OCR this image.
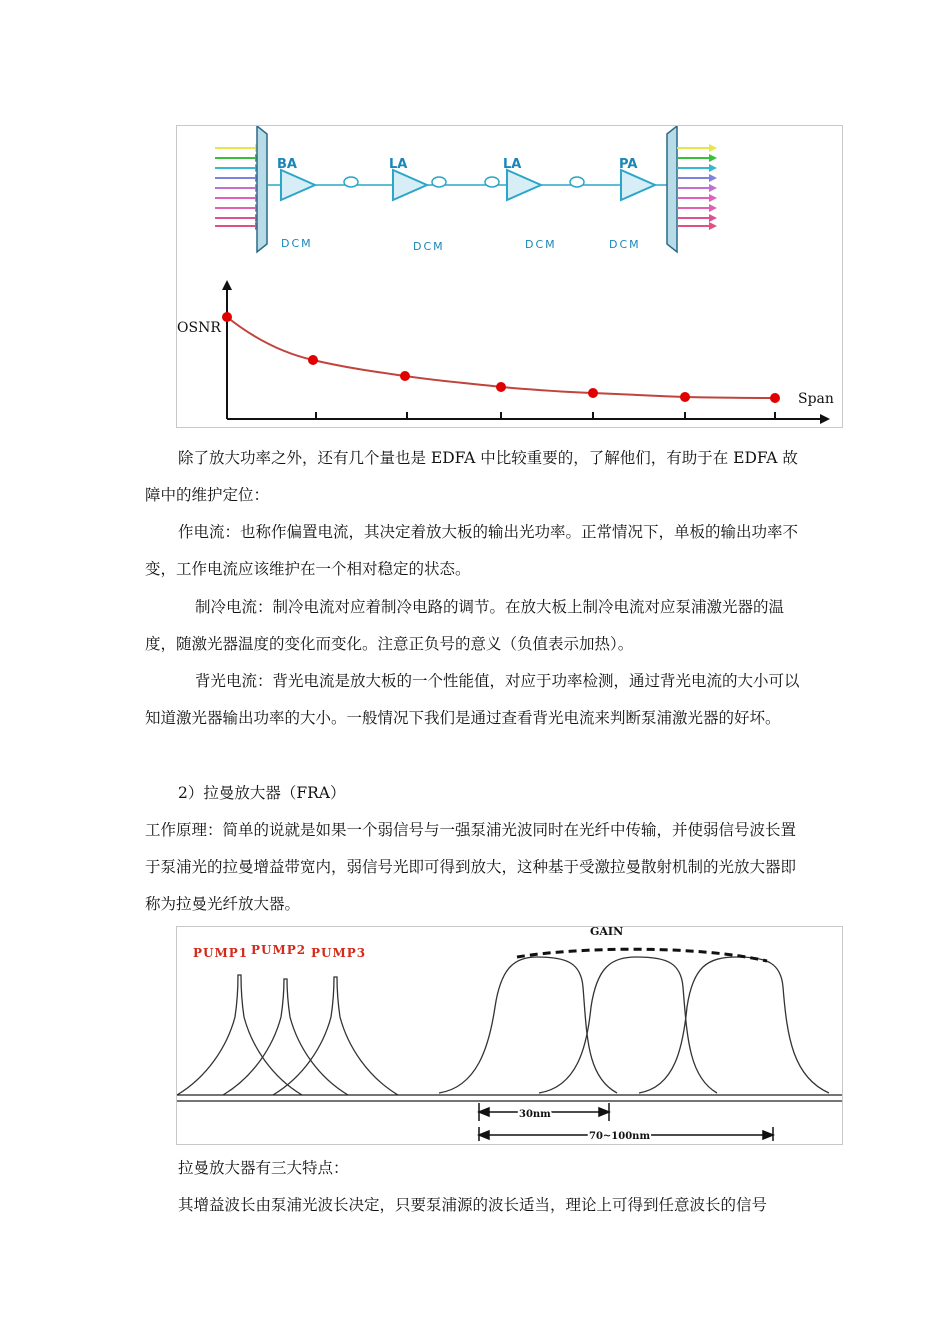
BA	LA	LA	PA
DCM	DCM	DCM	DCM
OSNR
Span

除了放大功率之外，还有几个量也是 EDFA 中比较重要的，了解他们，有助于在 EDFA 故障中的维护定位：

作电流：也称作偏置电流，其决定着放大板的输出光功率。正常情况下，单板的输出功率不变，工作电流应该维护在一个相对稳定的状态。

制冷电流：制冷电流对应着制冷电路的调节。在放大板上制冷电流对应泵浦激光器的温度，随激光器温度的变化而变化。注意正负号的意义（负值表示加热）。

背光电流：背光电流是放大板的一个性能值，对应于功率检测，通过背光电流的大小可以知道激光器输出功率的大小。一般情况下我们是通过查看背光电流来判断泵浦激光器的好坏。

2）拉曼放大器（FRA）

工作原理：简单的说就是如果一个弱信号与一强泵浦光波同时在光纤中传输，并使弱信号波长置于泵浦光的拉曼增益带宽内，弱信号光即可得到放大，这种基于受激拉曼散射机制的光放大器即称为拉曼光纤放大器。

PUMP1 PUMP2 PUMP3
GAIN
30nm
70~100nm

拉曼放大器有三大特点：

其增益波长由泵浦光波长决定，只要泵浦源的波长适当，理论上可得到任意波长的信号
